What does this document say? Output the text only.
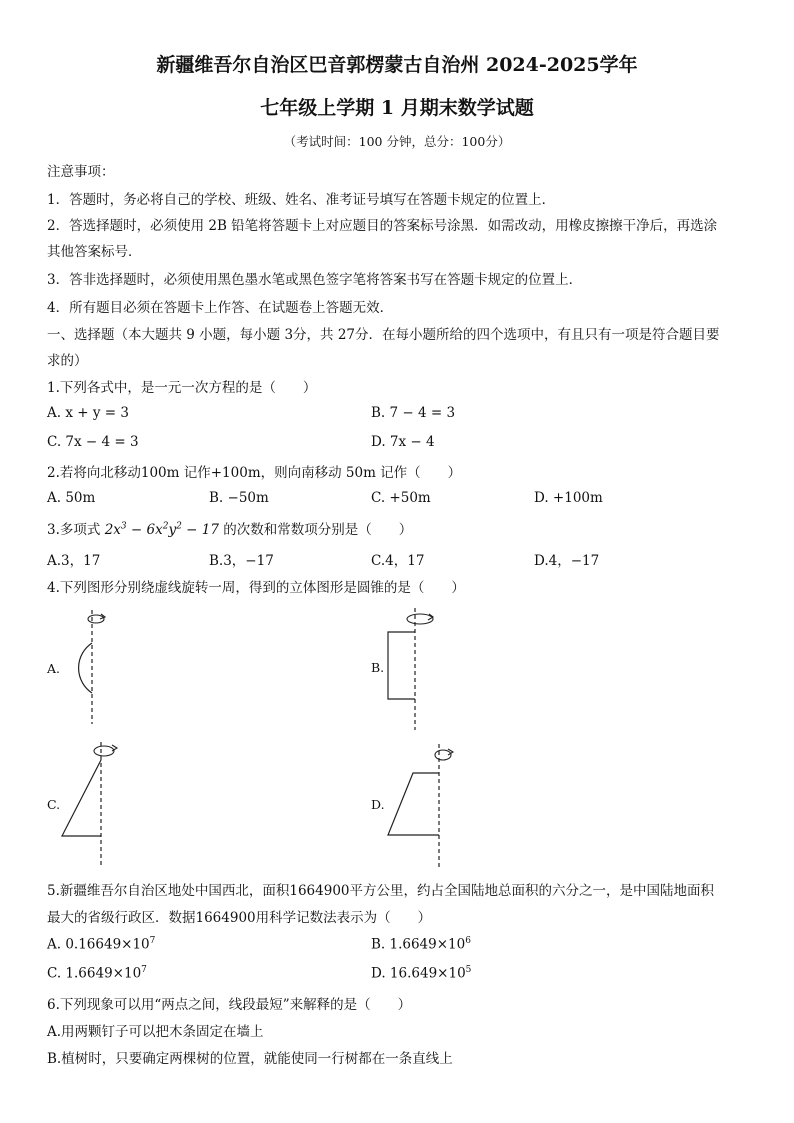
新疆维吾尔自治区巴音郭楞蒙古自治州 2024-2025学年
七年级上学期 1 月期末数学试题
（考试时间：100 分钟，总分：100分）
注意事项：
1．答题时，务必将自己的学校、班级、姓名、准考证号填写在答题卡规定的位置上．
2．答选择题时，必须使用 2B 铅笔将答题卡上对应题目的答案标号涂黑．如需改动，用橡皮擦擦干净后，再选涂
其他答案标号．
3．答非选择题时，必须使用黑色墨水笔或黑色签字笔将答案书写在答题卡规定的位置上．
4．所有题目必须在答题卡上作答、在试题卷上答题无效．
一、选择题（本大题共 9 小题，每小题 3分，共 27分．在每小题所给的四个选项中，有且只有一项是符合题目要
求的）
1.下列各式中，是一元一次方程的是（　　）
A. x + y = 3	B. 7 − 4 = 3
C. 7x − 4 = 3	D. 7x − 4
2.若将向北移动100m 记作+100m，则向南移动 50m 记作（　　）
A. 50m	B. −50m	C. +50m	D. +100m
3.多项式 $2x^3 - 6x^2y^2 - 17$ 的次数和常数项分别是（　　）
A.3，17	B.3，−17	C.4，17	D.4，−17
4.下列图形分别绕虚线旋转一周，得到的立体图形是圆锥的是（　　）
A.	B.
C.	D.
5.新疆维吾尔自治区地处中国西北，面积1664900平方公里，约占全国陆地总面积的六分之一，是中国陆地面积
最大的省级行政区．数据1664900用科学记数法表示为（　　）
A. $0.16649\times 10^7$	B. $1.6649\times 10^6$
C. $1.6649\times 10^7$	D. $16.649\times 10^5$
6.下列现象可以用“两点之间，线段最短”来解释的是（　　）
A.用两颗钉子可以把木条固定在墙上
B.植树时，只要确定两棵树的位置，就能使同一行树都在一条直线上
